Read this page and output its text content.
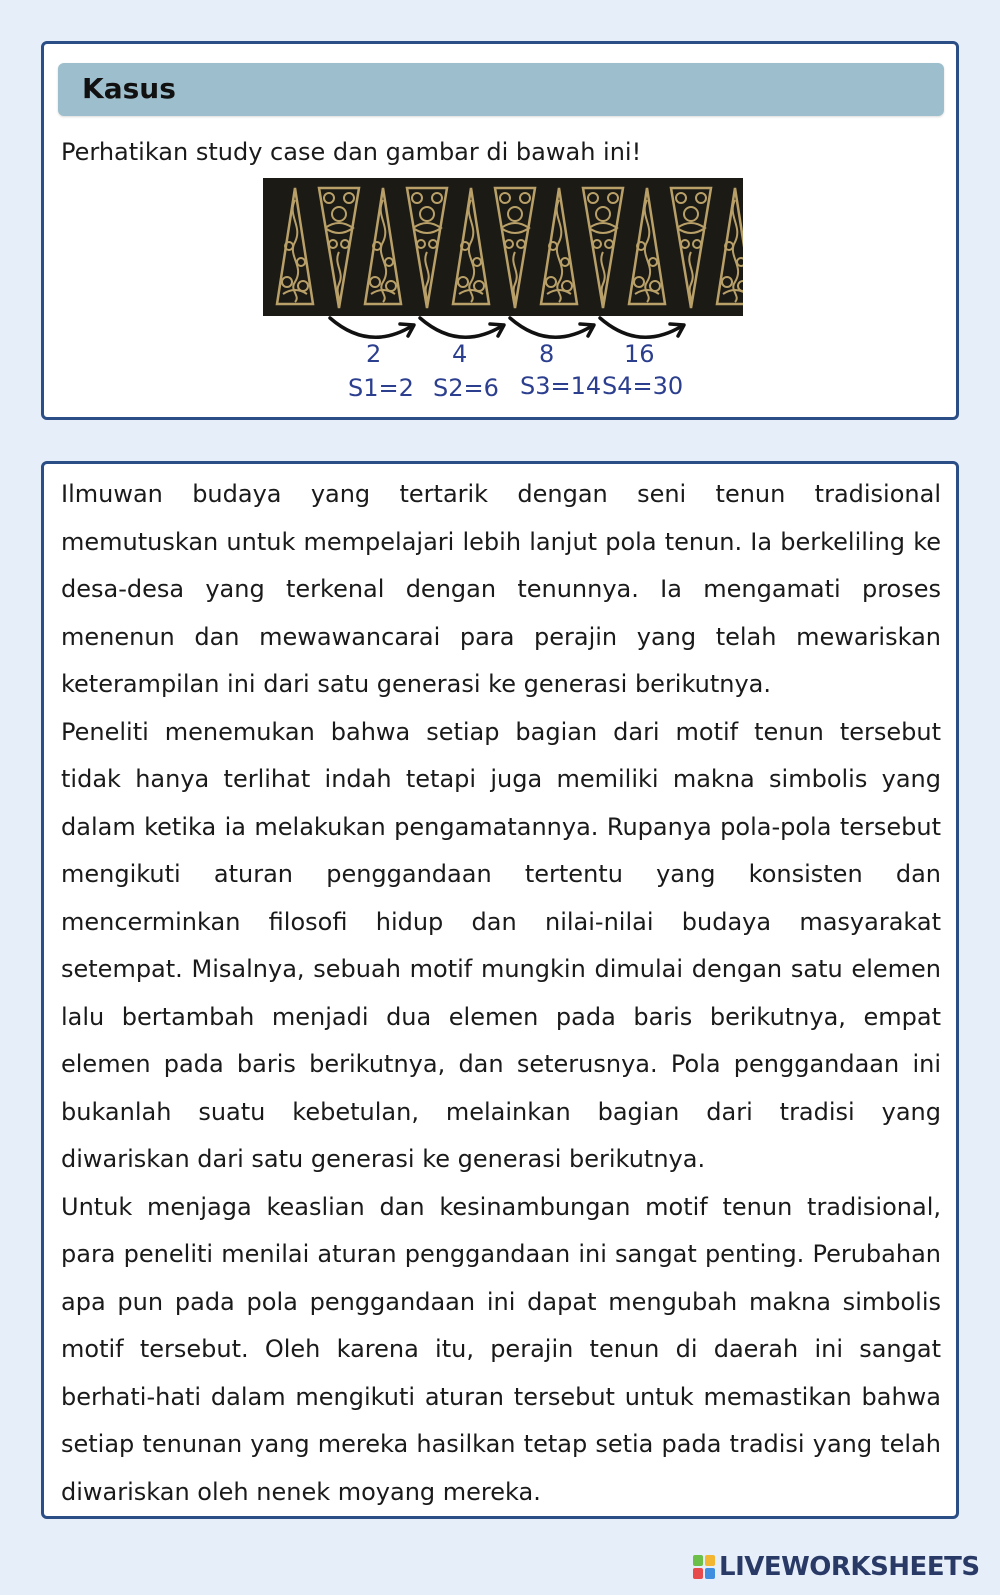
Kasus
Perhatikan study case dan gambar di bawah ini!
2	4	8	16
S1=2 S2=6 S3=14 S4=30

Ilmuwan budaya yang tertarik dengan seni tenun tradisional memutuskan untuk mempelajari lebih lanjut pola tenun. Ia berkeliling ke desa-desa yang terkenal dengan tenunnya. Ia mengamati proses menenun dan mewawancarai para perajin yang telah mewariskan keterampilan ini dari satu generasi ke generasi berikutnya.

Peneliti menemukan bahwa setiap bagian dari motif tenun tersebut tidak hanya terlihat indah tetapi juga memiliki makna simbolis yang dalam ketika ia melakukan pengamatannya. Rupanya pola-pola tersebut mengikuti aturan penggandaan tertentu yang konsisten dan mencerminkan filosofi hidup dan nilai-nilai budaya masyarakat setempat. Misalnya, sebuah motif mungkin dimulai dengan satu elemen lalu bertambah menjadi dua elemen pada baris berikutnya, empat elemen pada baris berikutnya, dan seterusnya. Pola penggandaan ini bukanlah suatu kebetulan, melainkan bagian dari tradisi yang diwariskan dari satu generasi ke generasi berikutnya.

Untuk menjaga keaslian dan kesinambungan motif tenun tradisional, para peneliti menilai aturan penggandaan ini sangat penting. Perubahan apa pun pada pola penggandaan ini dapat mengubah makna simbolis motif tersebut. Oleh karena itu, perajin tenun di daerah ini sangat berhati-hati dalam mengikuti aturan tersebut untuk memastikan bahwa setiap tenunan yang mereka hasilkan tetap setia pada tradisi yang telah diwariskan oleh nenek moyang mereka.

LIVEWORKSHEETS
